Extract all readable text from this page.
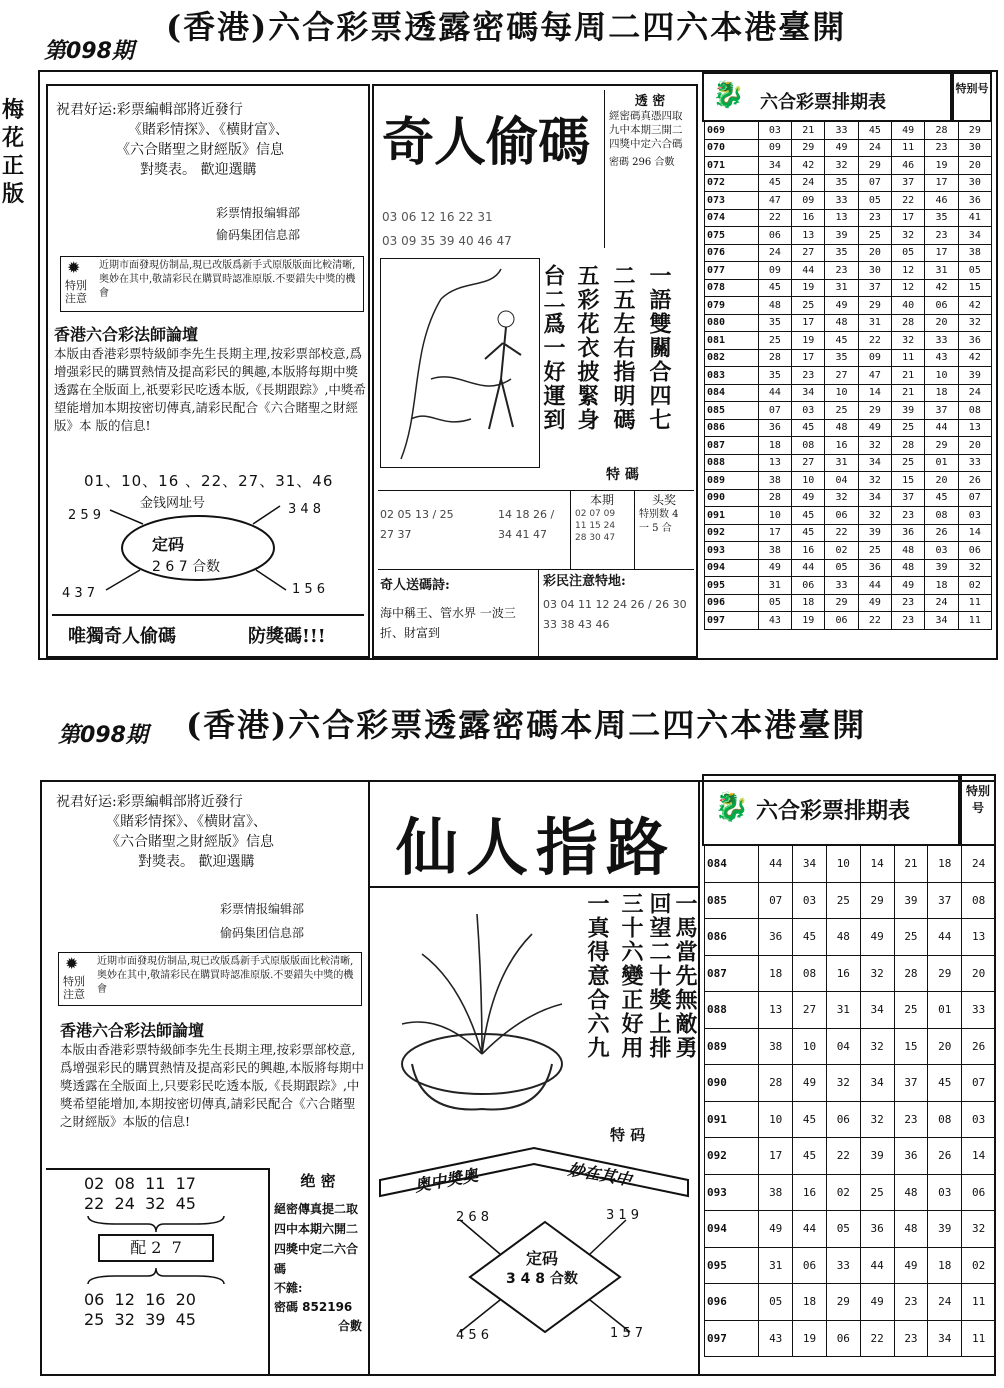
第098期
(香港)六合彩票透露密碼每周二四六本港臺開
梅花正版
祝君好运:彩票編輯部將近發行
《賭彩情探》、《横財富》、
《六合賭聖之財經版》信息
對獎表。 歡迎選購
彩票情报编辑部
偷码集团信息部
✹
特別注意
近期市面發現仿制品,現已改版爲新手式原版版面比較清晰,奥妙在其中,敬請彩民在購買時認准原版.不要錯失中獎的機會
香港六合彩法師論壇
本版由香港彩票特級師李先生長期主理,按彩票部校意,爲增强彩民的購買熱情及提高彩民的興趣,本版將每期中獎透露在全版面上,祇要彩民吃透本版,《長期跟踪》,中獎希望能增加本期按密切傳真,請彩民配合《六合賭聖之財經版》本 版的信息!
01、10、16 、22、27、31、46
金钱网址号
2 5 9	3 4 8
4 3 7	1 5 6
定码
2 6 7 合数
唯獨奇人偷碼	防獎碼!!!
奇人偷碼
透 密
經密碼真憑四取九中本期三開二四獎中定六合碼
密碼 296 合數
03 06 12 16 22 31
03 09 35 39 40 46 47
台二爲一好運到 五彩花衣披緊身 二五左右指明碼 一語雙關合四七
特 碼
02 05 13 / 25 27 37
14 18 26 / 34 41 47
本期
02 07 09 11 15 24 28 30 47
头奖
特别数 4 一 5 合
奇人送碼詩:
海中稱王、管水界 一波三折、財富到
彩民注意特地:
03 04 11 12 24 26 / 26 30 33 38 43 46
🐉 六合彩票排期表
特别号
069	03	21	33	45	49	28	29
070	09	29	49	24	11	23	30
071	34	42	32	29	46	19	20
072	45	24	35	07	37	17	30
073	47	09	33	05	22	46	36
074	22	16	13	23	17	35	41
075	06	13	39	25	32	23	34
076	24	27	35	20	05	17	38
077	09	44	23	30	12	31	05
078	45	19	31	37	12	42	15
079	48	25	49	29	40	06	42
080	35	17	48	31	28	20	32
081	25	19	45	22	32	33	36
082	28	17	35	09	11	43	42
083	35	23	27	47	21	10	39
084	44	34	10	14	21	18	24
085	07	03	25	29	39	37	08
086	36	45	48	49	25	44	13
087	18	08	16	32	28	29	20
088	13	27	31	34	25	01	33
089	38	10	04	32	15	20	26
090	28	49	32	34	37	45	07
091	10	45	06	32	23	08	03
092	17	45	22	39	36	26	14
093	38	16	02	25	48	03	06
094	49	44	05	36	48	39	32
095	31	06	33	44	49	18	02
096	05	18	29	49	23	24	11
097	43	19	06	22	23	34	11
第098期 (香港)六合彩票透露密碼本周二四六本港臺開
祝君好运:彩票編輯部將近發行
《賭彩情探》、《横財富》、
《六合賭聖之財經版》信息
對獎表。 歡迎選購
彩票情报编辑部
偷码集团信息部
✹
特別注意
近期市面發現仿制品,現已改版爲新手式原版版面比較清晰,奥妙在其中,敬請彩民在購買時認准原版.不要錯失中獎的機會
香港六合彩法師論壇
本版由香港彩票特級師李先生長期主理,按彩票部校意,爲增强彩民的購買熱情及提高彩民的興趣,本版將每期中獎透露在全版面上,只要彩民吃透本版,《長期跟踪》,中獎希望能增加,本期按密切傳真,請彩民配合《六合賭聖之財經版》本版的信息!
02  08  11  17
22  24  32  45
配 2  7
06  12  16  20
25  32  39  45
绝 密
絕密傳真提二取四中本期六開二四獎中定二六合碼
不雜:
密碼 852196
合數
仙人指路
一真得意合六九 三十六變正好用 回望二十獎上排 一馬當先無敵勇
特 码
奥中奬奥	妙在其中
2 6 8	3 1 9
4 5 6	1 5 7
定码
3 4 8 合数
🐉 六合彩票排期表
特别号
084	44	34	10	14	21	18	24
085	07	03	25	29	39	37	08
086	36	45	48	49	25	44	13
087	18	08	16	32	28	29	20
088	13	27	31	34	25	01	33
089	38	10	04	32	15	20	26
090	28	49	32	34	37	45	07
091	10	45	06	32	23	08	03
092	17	45	22	39	36	26	14
093	38	16	02	25	48	03	06
094	49	44	05	36	48	39	32
095	31	06	33	44	49	18	02
096	05	18	29	49	23	24	11
097	43	19	06	22	23	34	11
